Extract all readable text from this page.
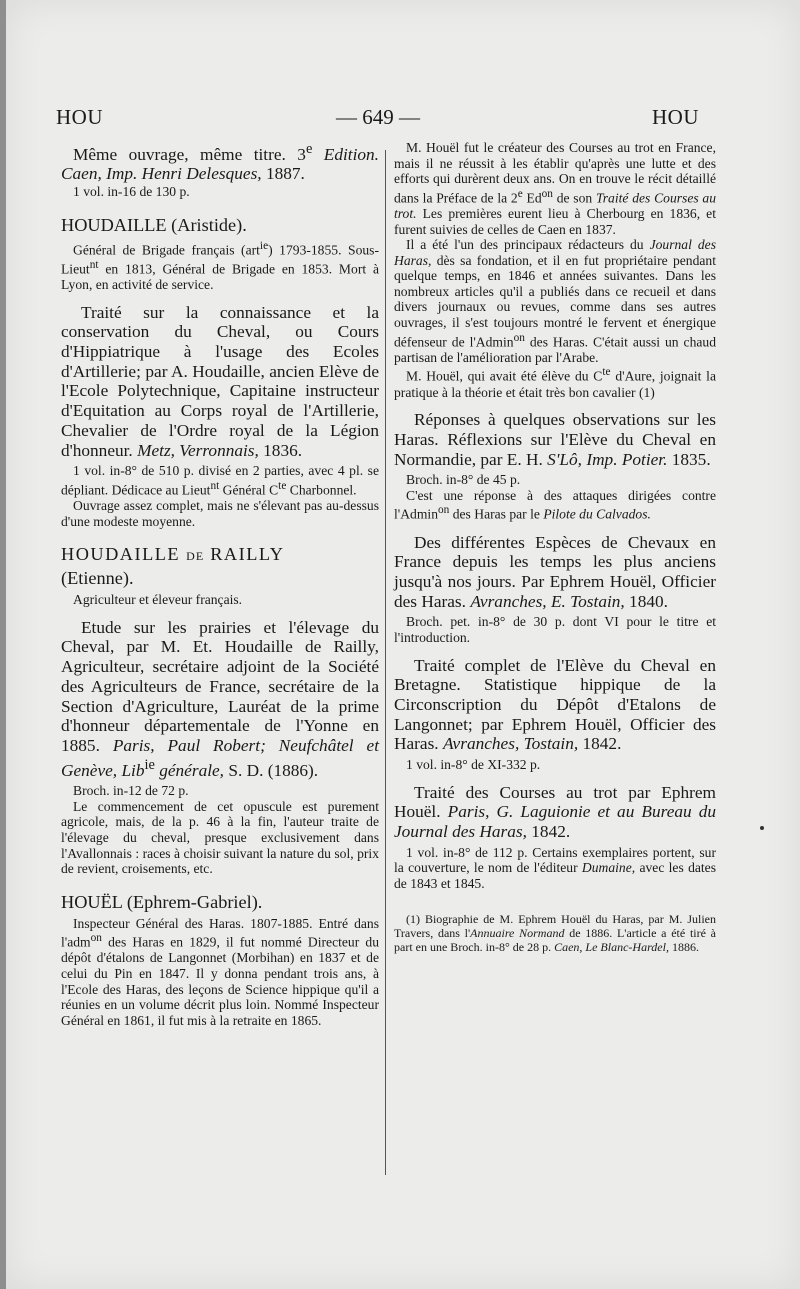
HOU	— 649 —	HOU

Même ouvrage, même titre. 3e Edition. Caen, Imp. Henri Delesques, 1887.

1 vol. in-16 de 130 p.

HOUDAILLE (Aristide).

Général de Brigade français (art$^{ie}$) 1793-1855. Sous-Lieut$^{nt}$ en 1813, Général de Brigade en 1853. Mort à Lyon, en activité de service.

Traité sur la connaissance et la conservation du Cheval, ou Cours d'Hippiatrique à l'usage des Ecoles d'Artillerie; par A. Houdaille, ancien Elève de l'Ecole Polytechnique, Capitaine instructeur d'Equitation au Corps royal de l'Artillerie, Chevalier de l'Ordre royal de la Légion d'honneur. Metz, Verronnais, 1836.

1 vol. in-8° de 510 p. divisé en 2 parties, avec 4 pl. se dépliant. Dédicace au Lieut$^{nt}$ Général $C^{te}$ Charbonnel.

Ouvrage assez complet, mais ne s'élevant pas au-dessus d'une modeste moyenne.

HOUDAILLE DE RAILLY

(Etienne).

Agriculteur et éleveur français.

Etude sur les prairies et l'élevage du Cheval, par M. Et. Houdaille de Railly, Agriculteur, secrétaire adjoint de la Société des Agriculteurs de France, secrétaire de la Section d'Agriculture, Lauréat de la prime d'honneur départementale de l'Yonne en 1885. Paris, Paul Robert; Neufchâtel et Genève, Lib$^{ie}$ générale, S. D. (1886).

Broch. in-12 de 72 p.

Le commencement de cet opuscule est purement agricole, mais, de la p. 46 à la fin, l'auteur traite de l'élevage du cheval, presque exclusivement dans l'Avallonnais : races à choisir suivant la nature du sol, prix de revient, croisements, etc.

HOUËL (Ephrem-Gabriel).

Inspecteur Général des Haras. 1807-1885. Entré dans l'adm$^{on}$ des Haras en 1829, il fut nommé Directeur du dépôt d'étalons de Langonnet (Morbihan) en 1837 et de celui du Pin en 1847. Il y donna pendant trois ans, à l'Ecole des Haras, des leçons de Science hippique qu'il a réunies en un volume décrit plus loin. Nommé Inspecteur Général en 1861, il fut mis à la retraite en 1865.

M. Houël fut le créateur des Courses au trot en France, mais il ne réussit à les établir qu'après une lutte et des efforts qui durèrent deux ans. On en trouve le récit détaillé dans la Préface de la 2e $Ed^{on}$ de son Traité des Courses au trot. Les premières eurent lieu à Cherbourg en 1836, et furent suivies de celles de Caen en 1837.

Il a été l'un des principaux rédacteurs du Journal des Haras, dès sa fondation, et il en fut propriétaire pendant quelque temps, en 1846 et années suivantes. Dans les nombreux articles qu'il a publiés dans ce recueil et dans divers journaux ou revues, comme dans ses autres ouvrages, il s'est toujours montré le fervent et énergique défenseur de l'Admin$^{on}$ des Haras. C'était aussi un chaud partisan de l'amélioration par l'Arabe.

M. Houël, qui avait été élève du $C^{te}$ d'Aure, joignait la pratique à la théorie et était très bon cavalier (1)

Réponses à quelques observations sur les Haras. Réflexions sur l'Elève du Cheval en Normandie, par E. H. S'Lô, Imp. Potier. 1835.

Broch. in-8° de 45 p.

C'est une réponse à des attaques dirigées contre l'Admin$^{on}$ des Haras par le Pilote du Calvados.

Des différentes Espèces de Chevaux en France depuis les temps les plus anciens jusqu'à nos jours. Par Ephrem Houël, Officier des Haras. Avranches, E. Tostain, 1840.

Broch. pet. in-8° de 30 p. dont VI pour le titre et l'introduction.

Traité complet de l'Elève du Cheval en Bretagne. Statistique hippique de la Circonscription du Dépôt d'Etalons de Langonnet; par Ephrem Houël, Officier des Haras. Avranches, Tostain, 1842.

1 vol. in-8° de XI-332 p.

Traité des Courses au trot par Ephrem Houël. Paris, G. Laguionie et au Bureau du Journal des Haras, 1842.

1 vol. in-8° de 112 p. Certains exemplaires portent, sur la couverture, le nom de l'éditeur Dumaine, avec les dates de 1843 et 1845.

(1) Biographie de M. Ephrem Houël du Haras, par M. Julien Travers, dans l'Annuaire Normand de 1886. L'article a été tiré à part en une Broch. in-8° de 28 p. Caen, Le Blanc-Hardel, 1886.
